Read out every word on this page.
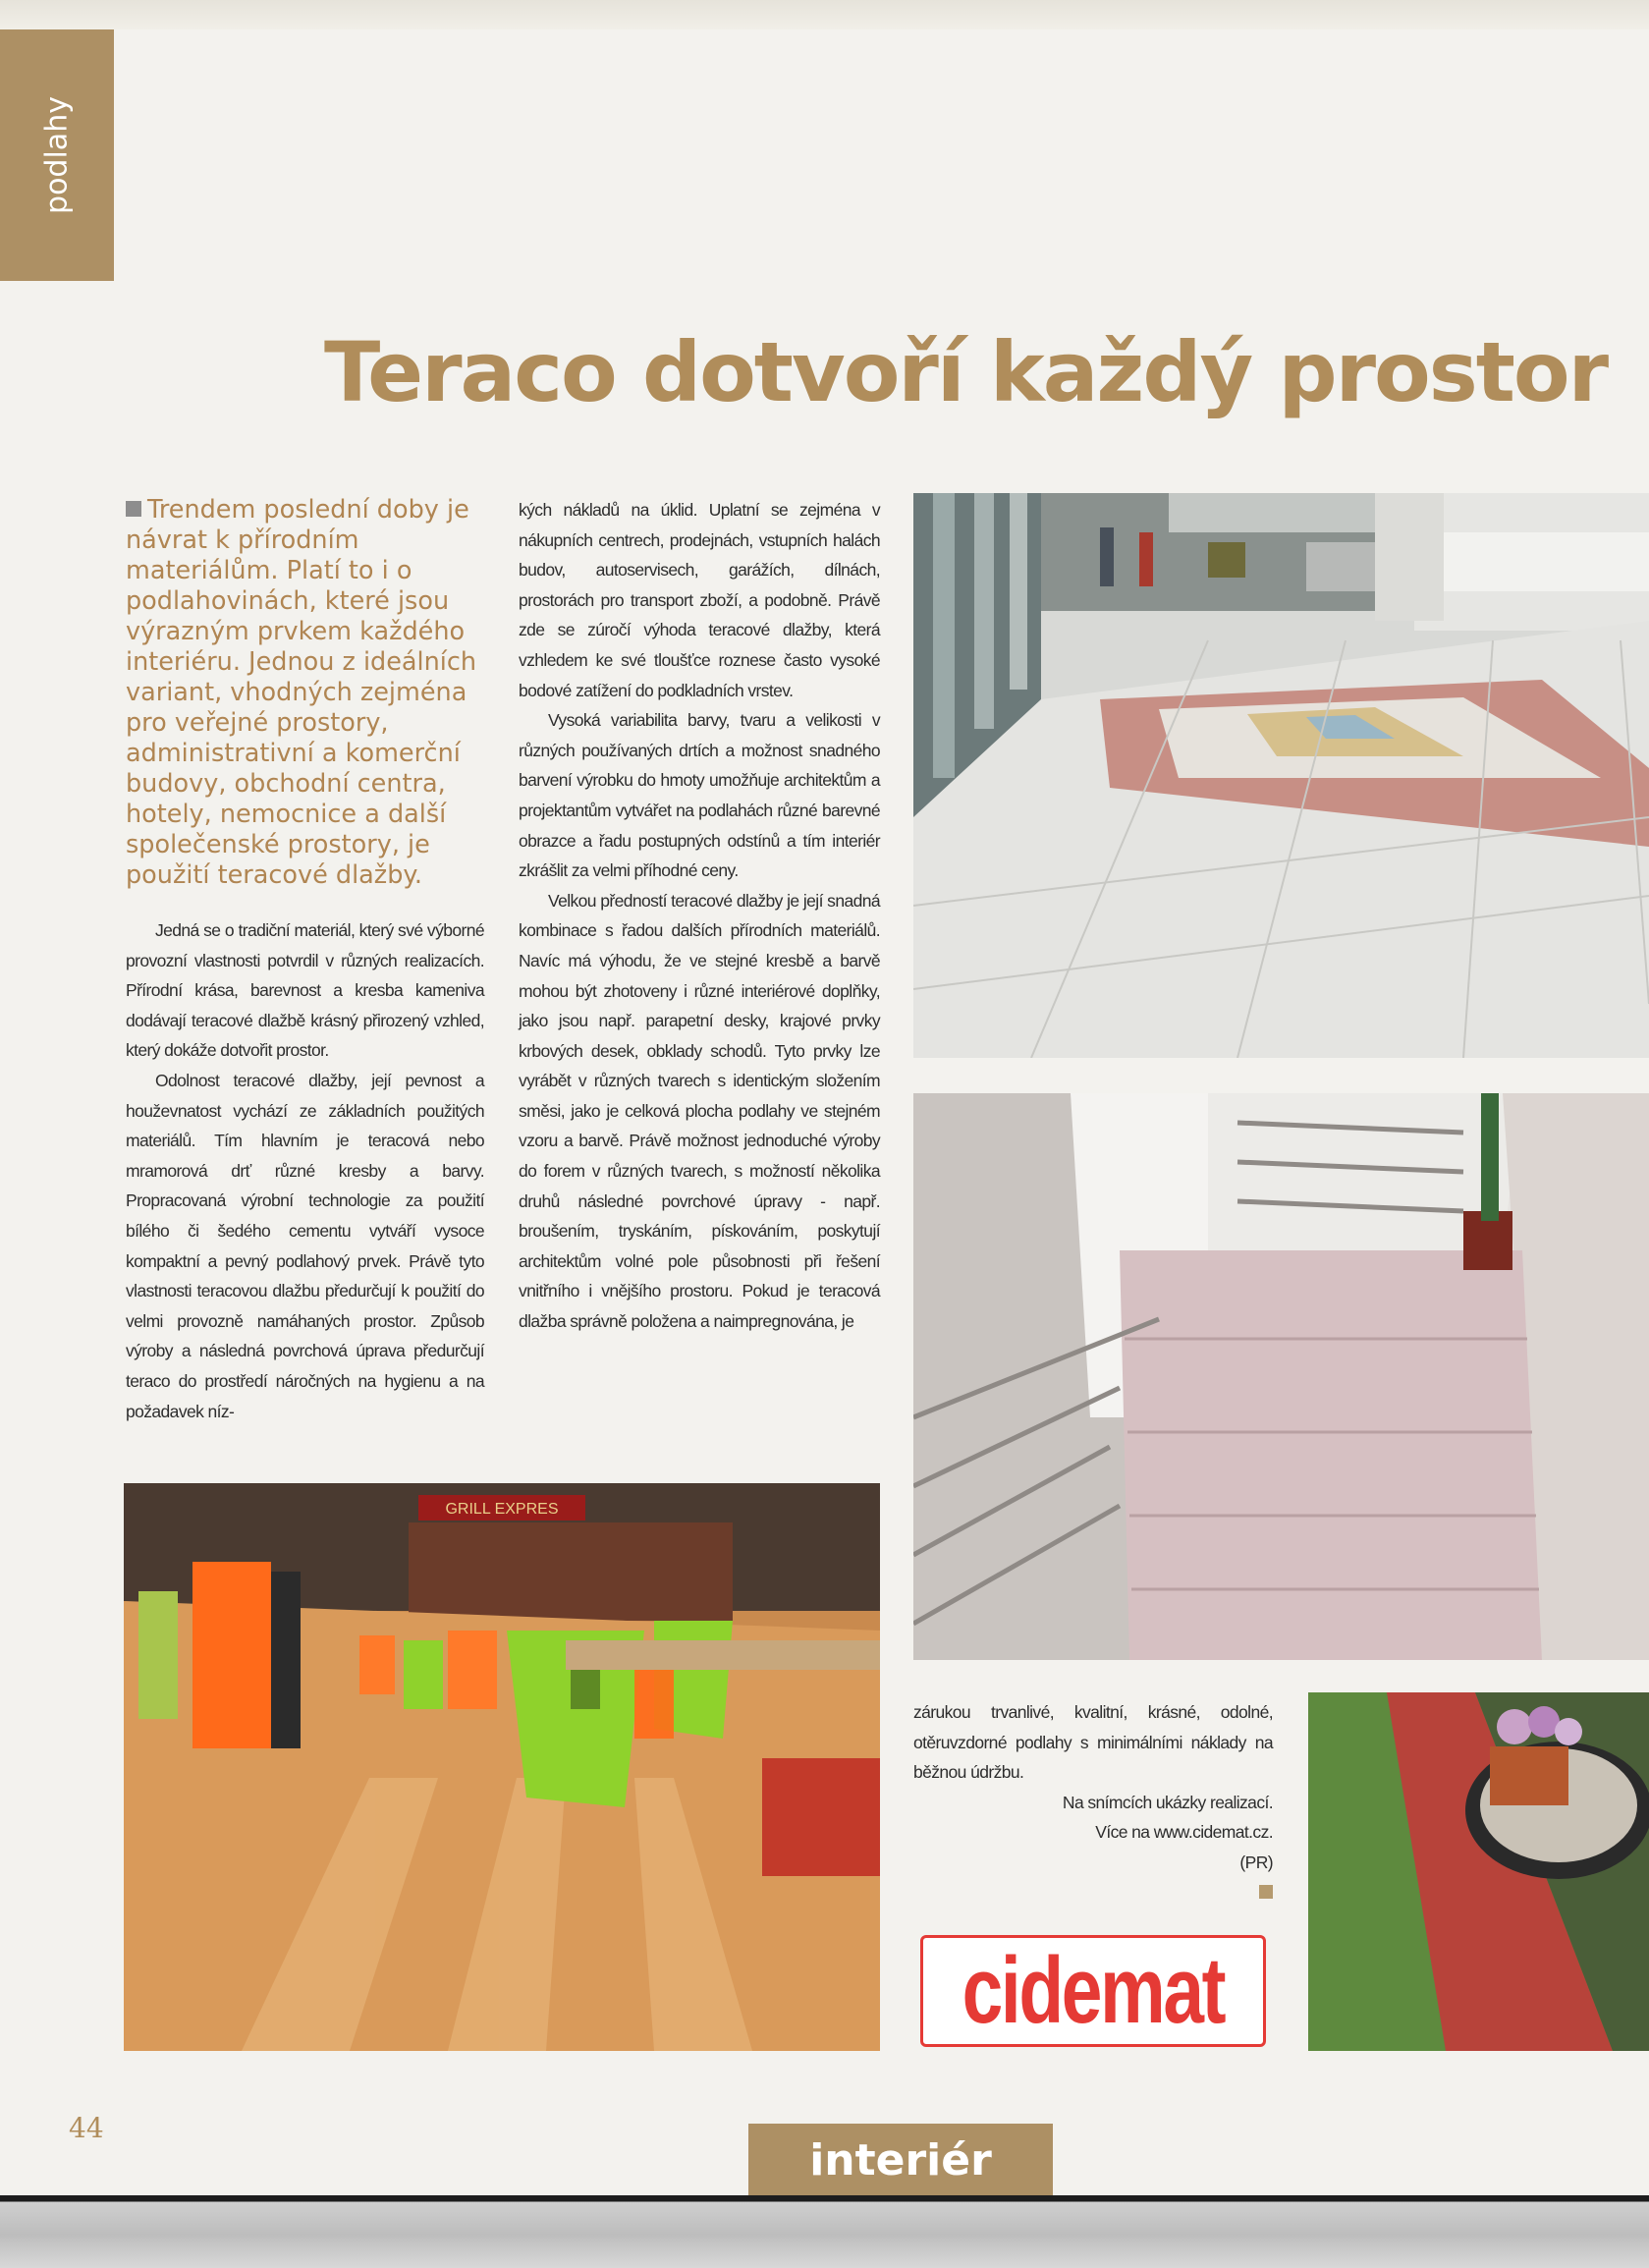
podlahy
Teraco dotvoří každý prostor

Trendem poslední doby je návrat k přírodním materiálům. Platí to i o podlahovinách, které jsou výrazným prvkem každého interiéru. Jednou z ideálních variant, vhodných zejména pro veřejné prostory, administrativní a komerční budovy, obchodní centra, hotely, nemocnice a další společenské prostory, je použití teracové dlažby.

Jedná se o tradiční materiál, který své výborné provozní vlastnosti potvrdil v různých realizacích. Přírodní krása, barevnost a kresba kameniva dodávají teracové dlažbě krásný přirozený vzhled, který dokáže dotvořit prostor.

Odolnost teracové dlažby, její pevnost a houževnatost vychází ze základních použitých materiálů. Tím hlavním je teracová nebo mramorová drť různé kresby a barvy. Propracovaná výrobní technologie za použití bílého či šedého cementu vytváří vysoce kompaktní a pevný podlahový prvek. Právě tyto vlastnosti teracovou dlažbu předurčují k použití do velmi provozně namáhaných prostor. Způsob výroby a následná povrchová úprava předurčují teraco do prostředí náročných na hygienu a na požadavek níz-

kých nákladů na úklid. Uplatní se zejména v nákupních centrech, prodejnách, vstupních halách budov, autoservisech, garážích, dílnách, prostorách pro transport zboží, a podobně. Právě zde se zúročí výhoda teracové dlažby, která vzhledem ke své tloušťce roznese často vysoké bodové zatížení do podkladních vrstev.

Vysoká variabilita barvy, tvaru a velikosti v různých používaných drtích a možnost snadného barvení výrobku do hmoty umožňuje architektům a projektantům vytvářet na podlahách různé barevné obrazce a řadu postupných odstínů a tím interiér zkrášlit za velmi příhodné ceny.

Velkou předností teracové dlažby je její snadná kombinace s řadou dalších přírodních materiálů. Navíc má výhodu, že ve stejné kresbě a barvě mohou být zhotoveny i různé interiérové doplňky, jako jsou např. parapetní desky, krajové prvky krbových desek, obklady schodů. Tyto prvky lze vyrábět v různých tvarech s identickým složením směsi, jako je celková plocha podlahy ve stejném vzoru a barvě. Právě možnost jednoduché výroby do forem v různých tvarech, s možností několika druhů následné povrchové úpravy - např. broušením, tryskáním, pískováním, poskytují architektům volné pole působnosti při řešení vnitřního i vnějšího prostoru. Pokud je teracová dlažba správně položena a naimpregnována, je

zárukou trvanlivé, kvalitní, krásné, odolné, otěruvzdorné podlahy s minimálními náklady na běžnou údržbu.

Na snímcích ukázky realizací.

Více na www.cidemat.cz.

(PR)

GRILL EXPRES
cidemat
44
interiér
